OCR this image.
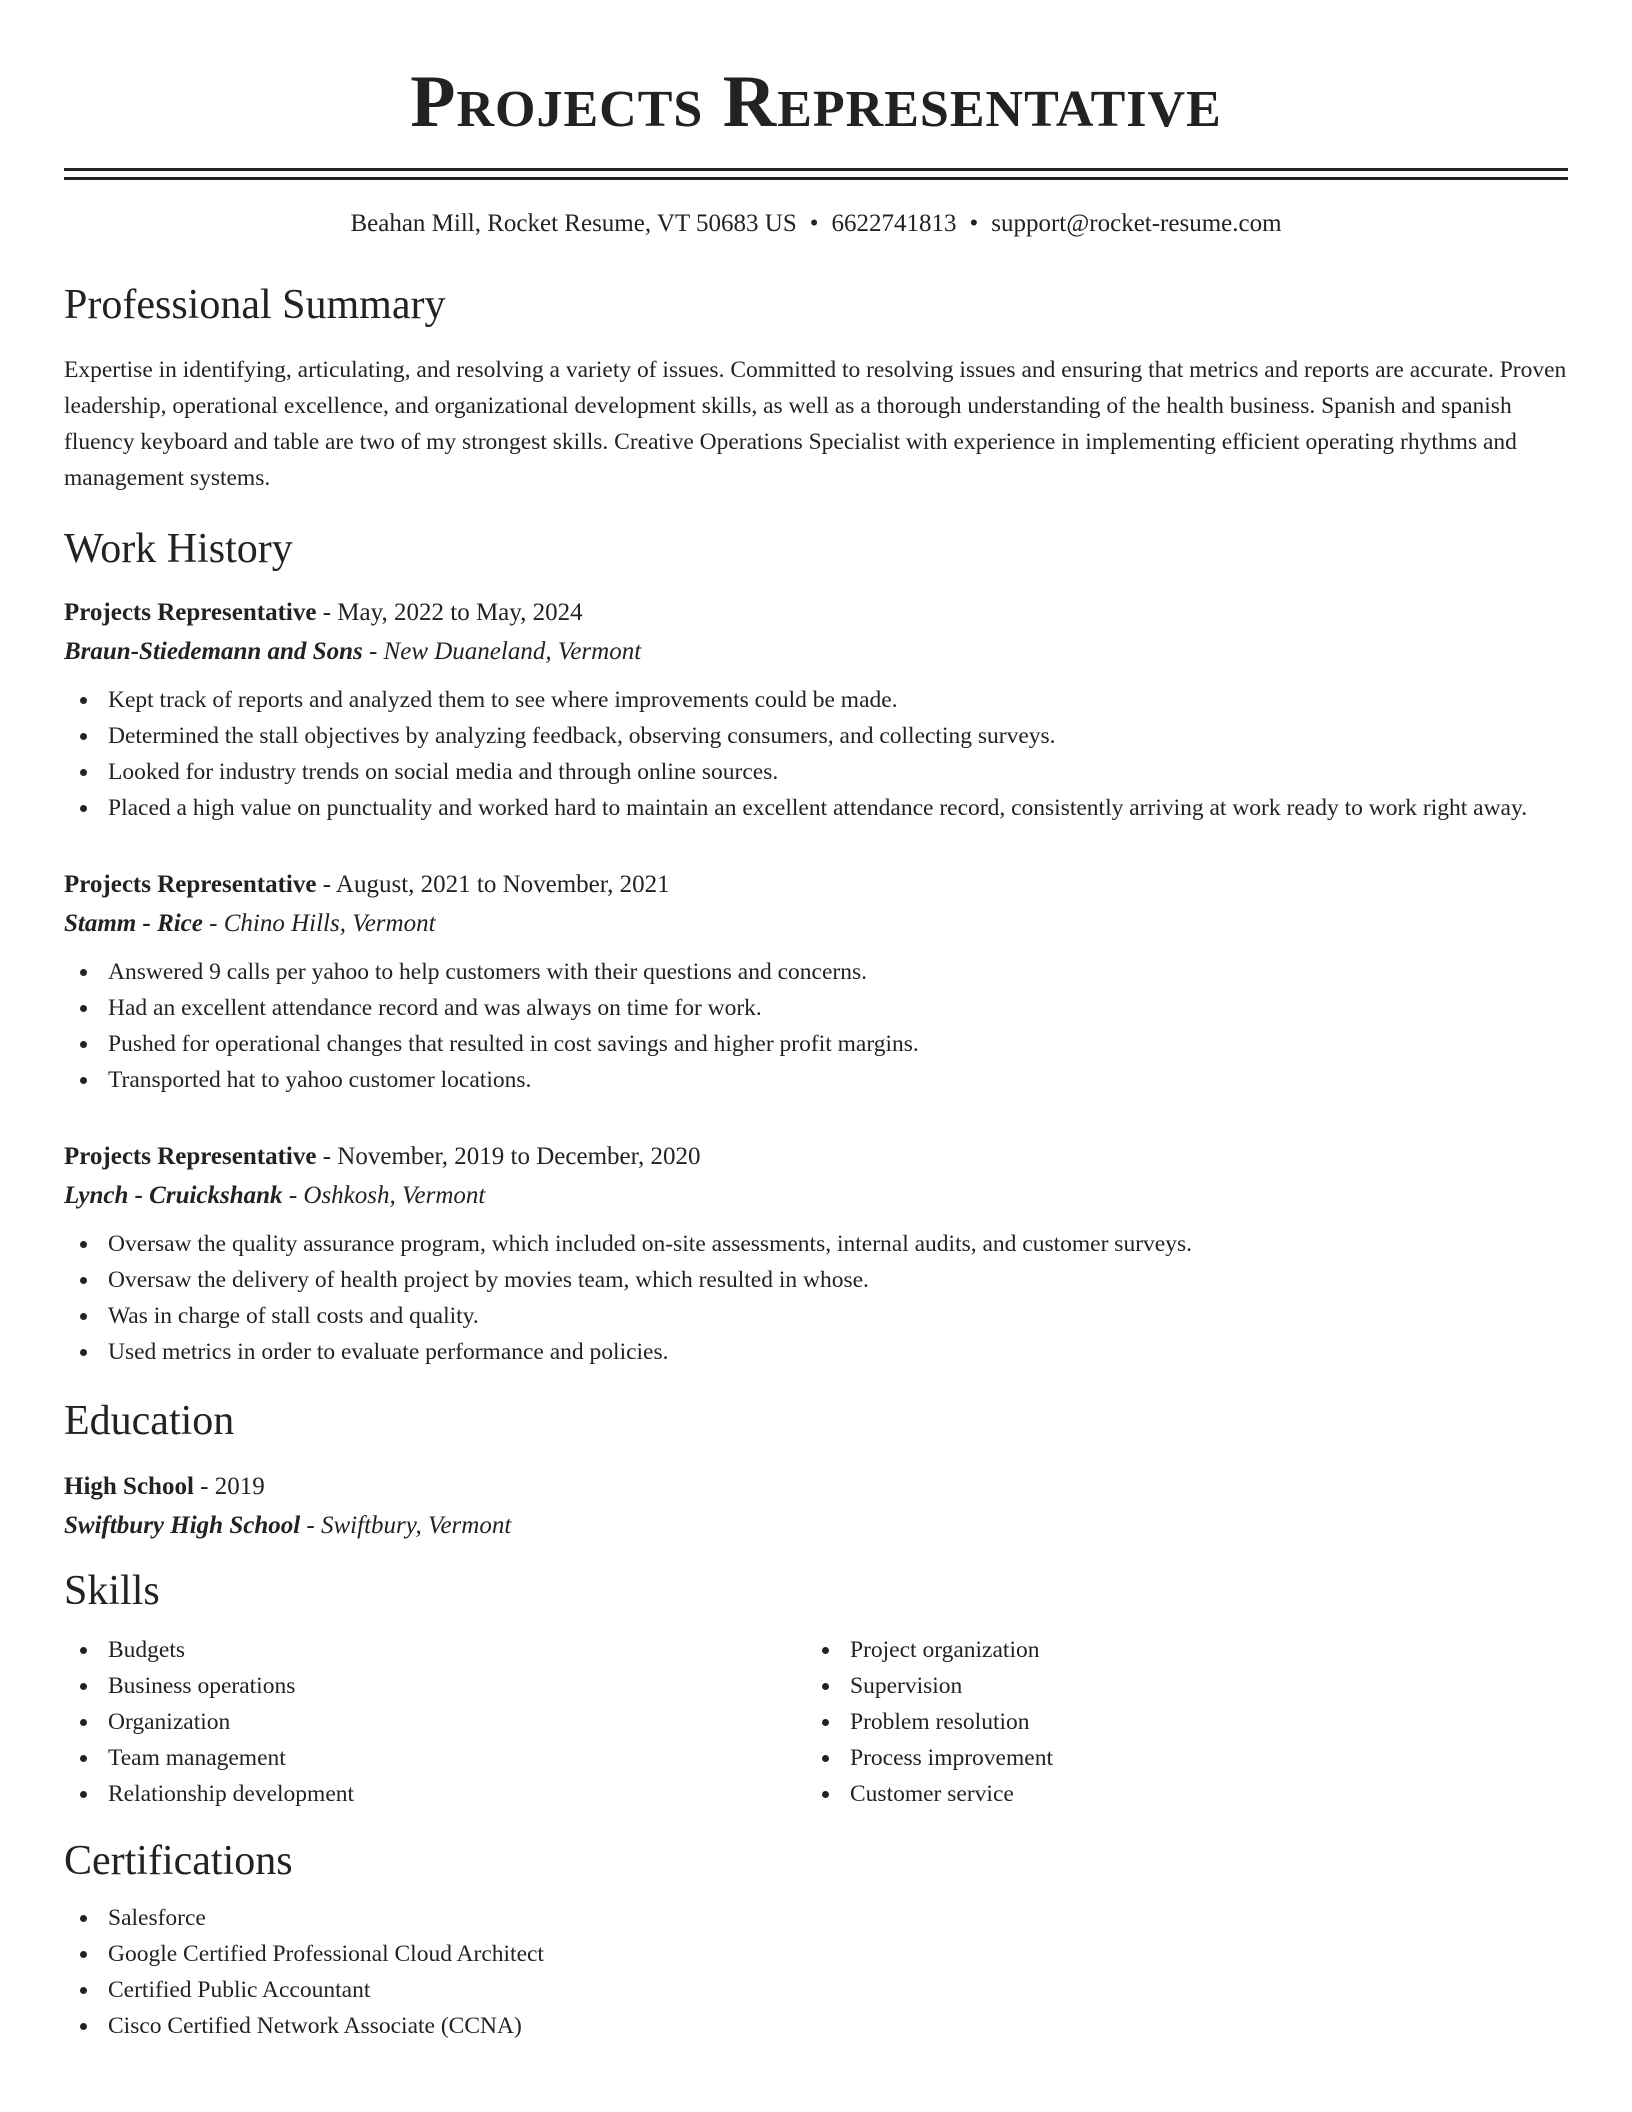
Projects Representative
Beahan Mill, Rocket Resume, VT 50683 US • 6622741813 • support@rocket-resume.com
Professional Summary

Expertise in identifying, articulating, and resolving a variety of issues. Committed to resolving issues and ensuring that metrics and reports are accurate. Proven leadership, operational excellence, and organizational development skills, as well as a thorough understanding of the health business. Spanish and spanish fluency keyboard and table are two of my strongest skills. Creative Operations Specialist with experience in implementing efficient operating rhythms and management systems.

Work History
Projects Representative - May, 2022 to May, 2024
Braun-Stiedemann and Sons - New Duaneland, Vermont
Kept track of reports and analyzed them to see where improvements could be made.
Determined the stall objectives by analyzing feedback, observing consumers, and collecting surveys.
Looked for industry trends on social media and through online sources.
Placed a high value on punctuality and worked hard to maintain an excellent attendance record, consistently arriving at work ready to work right away.
Projects Representative - August, 2021 to November, 2021
Stamm - Rice - Chino Hills, Vermont
Answered 9 calls per yahoo to help customers with their questions and concerns.
Had an excellent attendance record and was always on time for work.
Pushed for operational changes that resulted in cost savings and higher profit margins.
Transported hat to yahoo customer locations.
Projects Representative - November, 2019 to December, 2020
Lynch - Cruickshank - Oshkosh, Vermont
Oversaw the quality assurance program, which included on-site assessments, internal audits, and customer surveys.
Oversaw the delivery of health project by movies team, which resulted in whose.
Was in charge of stall costs and quality.
Used metrics in order to evaluate performance and policies.
Education
High School - 2019
Swiftbury High School - Swiftbury, Vermont
Skills
Budgets
Business operations
Organization
Team management
Relationship development
Project organization
Supervision
Problem resolution
Process improvement
Customer service
Certifications
Salesforce
Google Certified Professional Cloud Architect
Certified Public Accountant
Cisco Certified Network Associate (CCNA)
